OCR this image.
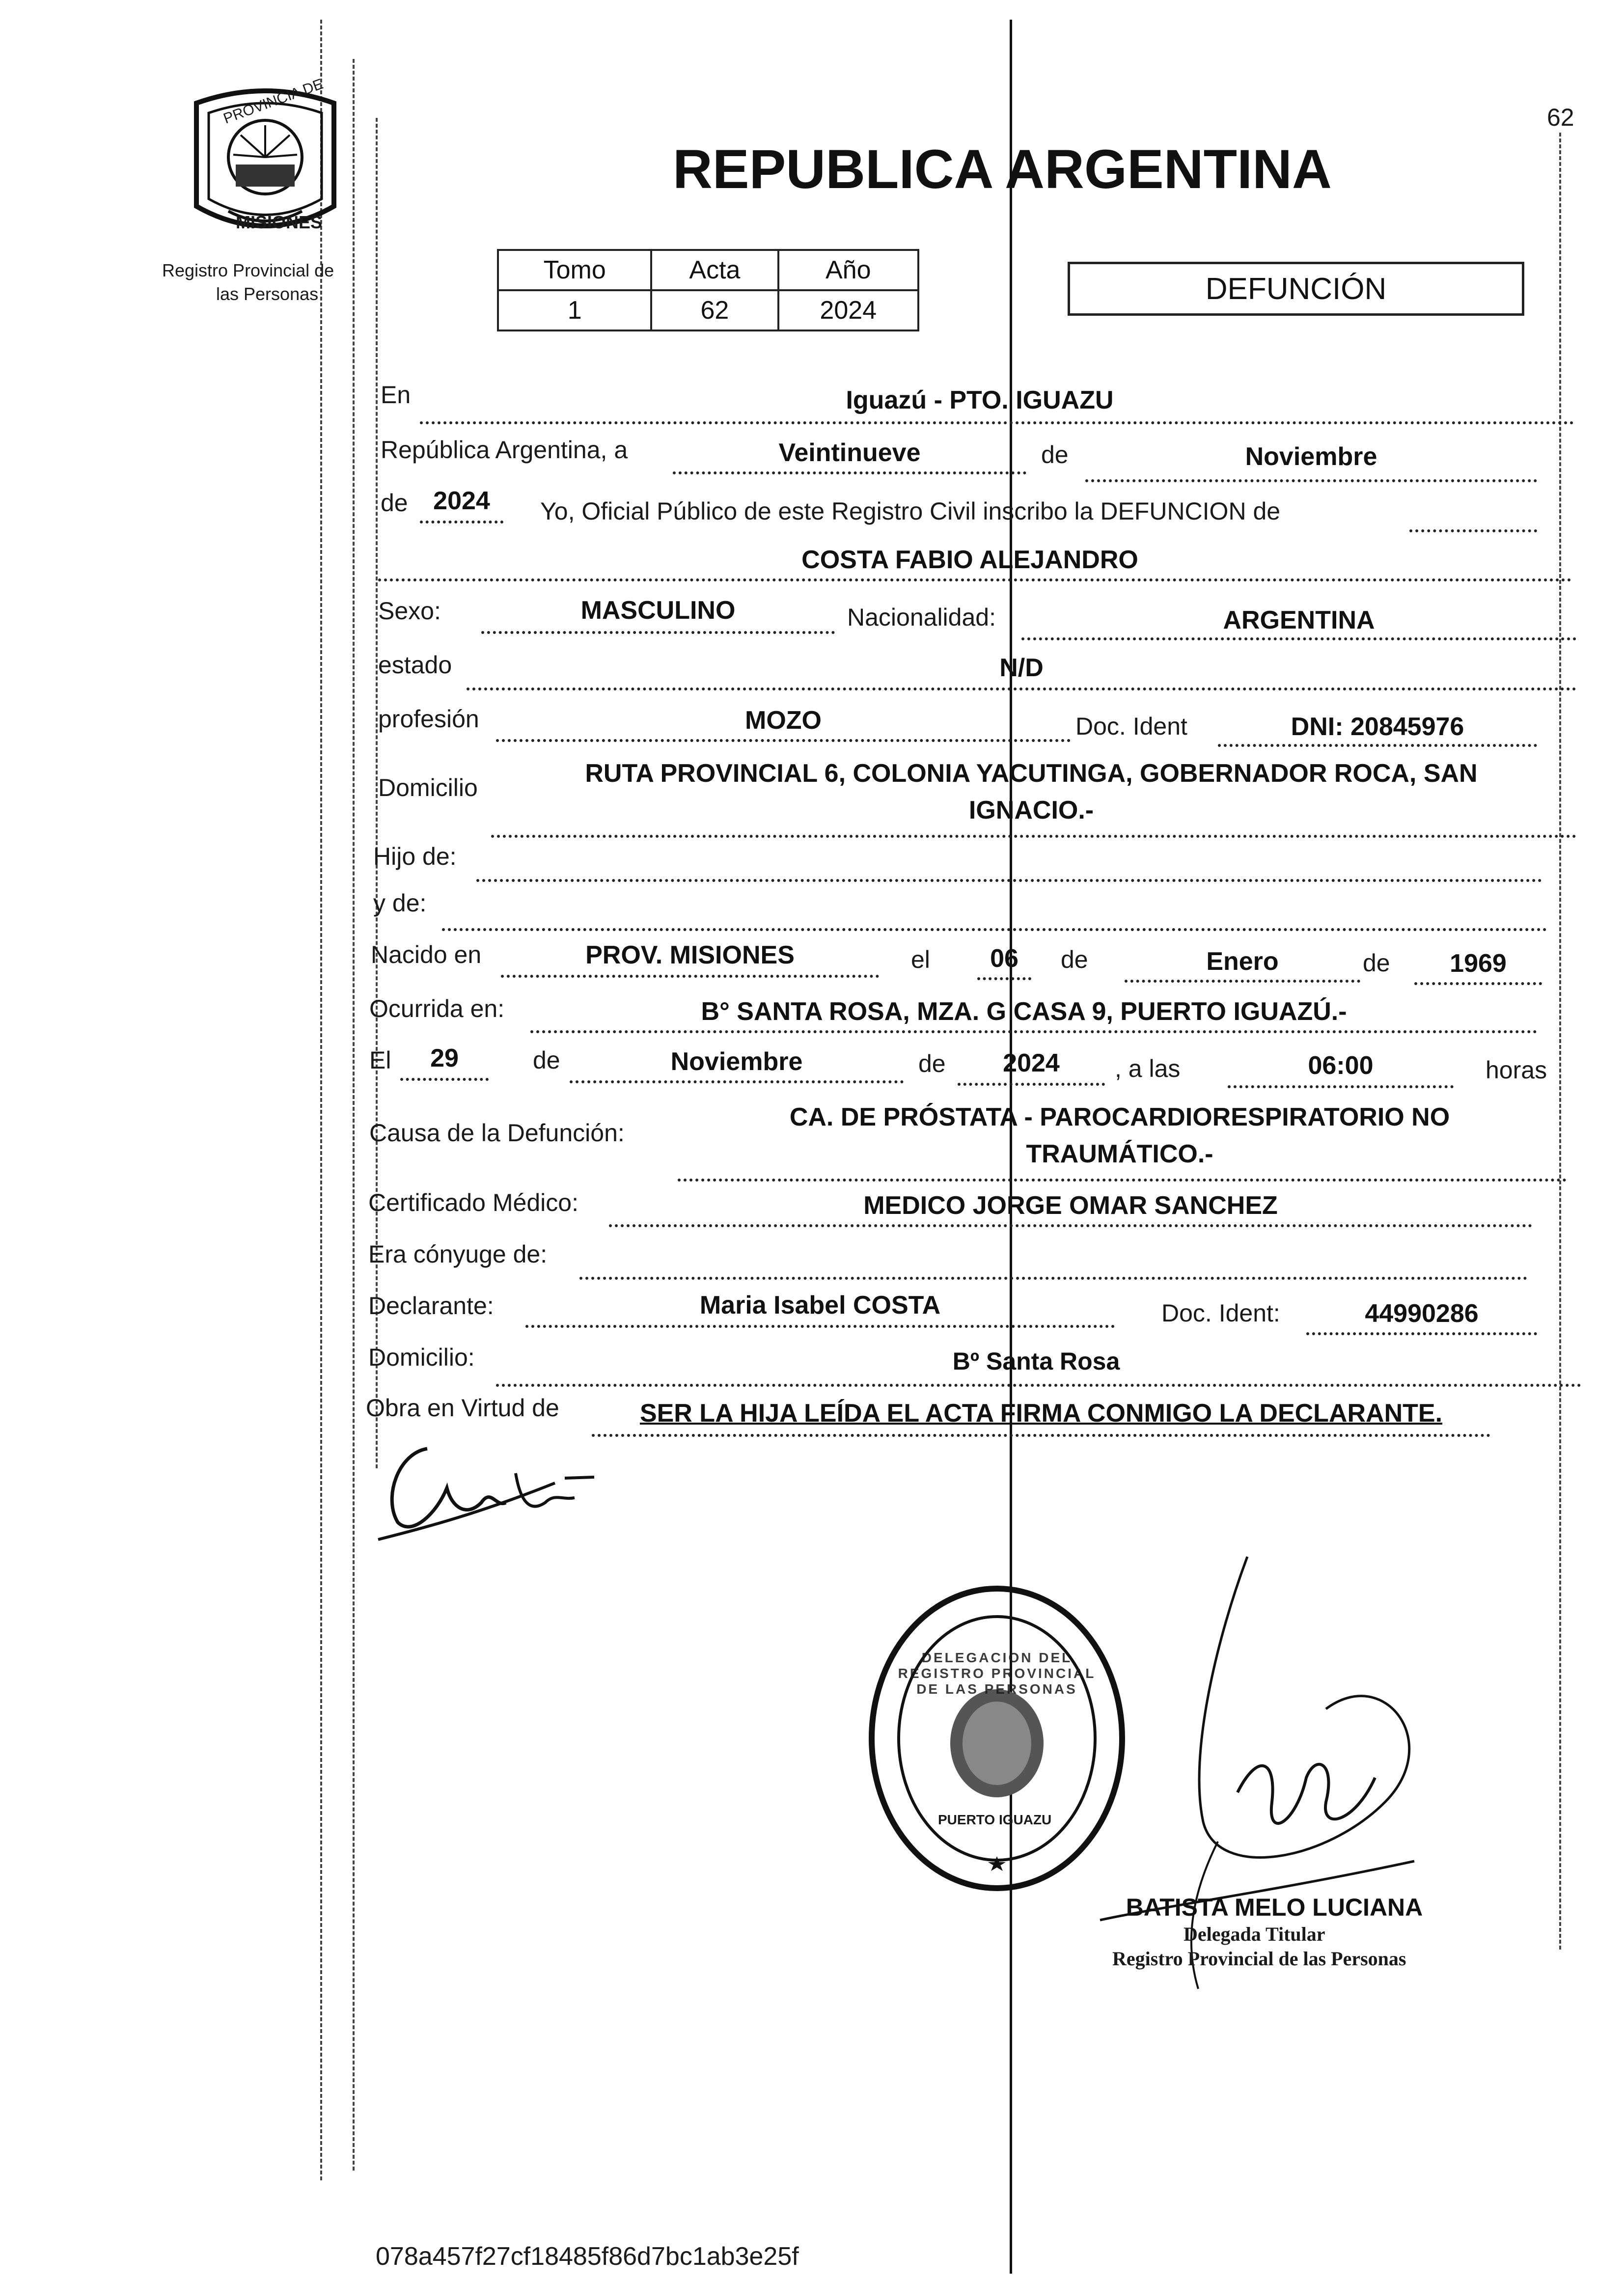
62
PROVINCIA DE
MISIONES
Registro Provincial de
las Personas
REPUBLICA ARGENTINA
Tomo	Acta	Año
1	62	2024
DEFUNCIÓN
En	Iguazú - PTO. IGUAZU
República Argentina, a	Veintinueve	de	Noviembre
de 2024	Yo, Oficial Público de este Registro Civil inscribo la DEFUNCION de
COSTA FABIO ALEJANDRO
Sexo:	MASCULINO	Nacionalidad:	ARGENTINA
estado	N/D
profesión	MOZO	Doc. Ident	DNI: 20845976
Domicilio	RUTA PROVINCIAL 6, COLONIA YACUTINGA, GOBERNADOR ROCA, SAN
IGNACIO.-
Hijo de:
y de:
Nacido en	PROV. MISIONES	el	06	de	Enero	de	1969
Ocurrida en:	B° SANTA ROSA, MZA. G CASA 9, PUERTO IGUAZÚ.-
El	29	de	Noviembre	de	2024	, a las	06:00	horas
Causa de la Defunción:
CA. DE PRÓSTATA - PAROCARDIORESPIRATORIO NO
TRAUMÁTICO.-
Certificado Médico:	MEDICO JORGE OMAR SANCHEZ
Era cónyuge de:
Declarante:	Maria Isabel COSTA	Doc. Ident:	44990286
Domicilio:	Bº Santa Rosa
Obra en Virtud de	SER LA HIJA LEÍDA EL ACTA FIRMA CONMIGO LA DECLARANTE.
DELEGACION DEL REGISTRO PROVINCIAL DE LAS PERSONAS
PUERTO IGUAZU
BATISTA MELO LUCIANA
Delegada Titular
Registro Provincial de las Personas
078a457f27cf18485f86d7bc1ab3e25f
